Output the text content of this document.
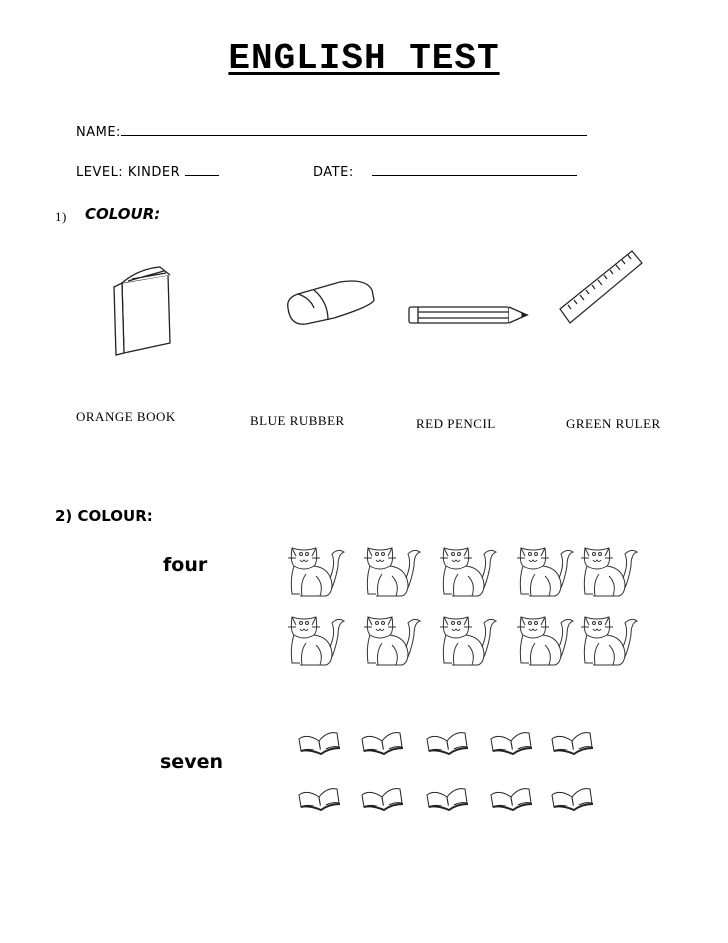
ENGLISH TEST
NAME:
LEVEL: KINDER	DATE:
1) COLOUR:
ORANGE BOOK	BLUE RUBBER	RED PENCIL	GREEN RULER
2) COLOUR:
four
seven
